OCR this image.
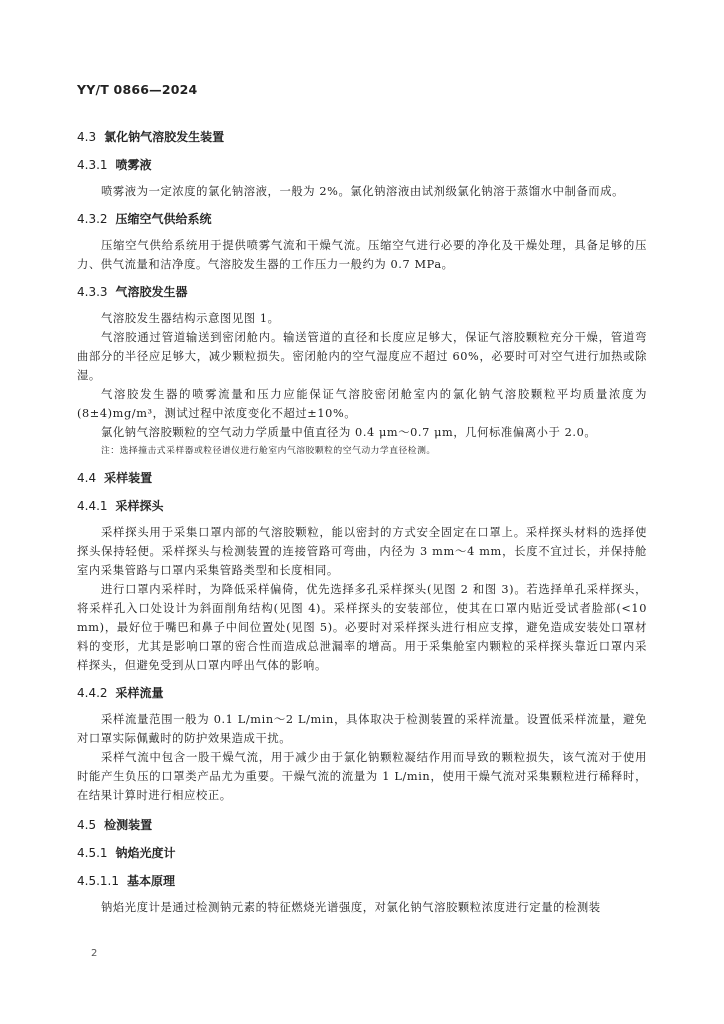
YY/T 0866—2024
4.3 氯化钠气溶胶发生装置
4.3.1 喷雾液

喷雾液为一定浓度的氯化钠溶液，一般为 2%。氯化钠溶液由试剂级氯化钠溶于蒸馏水中制备而成。

4.3.2 压缩空气供给系统

压缩空气供给系统用于提供喷雾气流和干燥气流。压缩空气进行必要的净化及干燥处理，具备足够的压力、供气流量和洁净度。气溶胶发生器的工作压力一般约为 0.7 MPa。

4.3.3 气溶胶发生器

气溶胶发生器结构示意图见图 1。

气溶胶通过管道输送到密闭舱内。输送管道的直径和长度应足够大，保证气溶胶颗粒充分干燥，管道弯曲部分的半径应足够大，减少颗粒损失。密闭舱内的空气湿度应不超过 60%，必要时可对空气进行加热或除湿。

气溶胶发生器的喷雾流量和压力应能保证气溶胶密闭舱室内的氯化钠气溶胶颗粒平均质量浓度为(8±4)mg/m³，测试过程中浓度变化不超过±10%。

氯化钠气溶胶颗粒的空气动力学质量中值直径为 0.4 μm～0.7 μm，几何标准偏离小于 2.0。

注：选择撞击式采样器或粒径谱仪进行舱室内气溶胶颗粒的空气动力学直径检测。

4.4 采样装置
4.4.1 采样探头

采样探头用于采集口罩内部的气溶胶颗粒，能以密封的方式安全固定在口罩上。采样探头材料的选择使探头保持轻便。采样探头与检测装置的连接管路可弯曲，内径为 3 mm～4 mm，长度不宜过长，并保持舱室内采集管路与口罩内采集管路类型和长度相同。

进行口罩内采样时，为降低采样偏倚，优先选择多孔采样探头(见图 2 和图 3)。若选择单孔采样探头，将采样孔入口处设计为斜面削角结构(见图 4)。采样探头的安装部位，使其在口罩内贴近受试者脸部(<10 mm)，最好位于嘴巴和鼻子中间位置处(见图 5)。必要时对采样探头进行相应支撑，避免造成安装处口罩材料的变形，尤其是影响口罩的密合性而造成总泄漏率的增高。用于采集舱室内颗粒的采样探头靠近口罩内采样探头，但避免受到从口罩内呼出气体的影响。

4.4.2 采样流量

采样流量范围一般为 0.1 L/min～2 L/min，具体取决于检测装置的采样流量。设置低采样流量，避免对口罩实际佩戴时的防护效果造成干扰。

采样气流中包含一股干燥气流，用于减少由于氯化钠颗粒凝结作用而导致的颗粒损失，该气流对于使用时能产生负压的口罩类产品尤为重要。干燥气流的流量为 1 L/min，使用干燥气流对采集颗粒进行稀释时，在结果计算时进行相应校正。

4.5 检测装置
4.5.1 钠焰光度计
4.5.1.1 基本原理

钠焰光度计是通过检测钠元素的特征燃烧光谱强度，对氯化钠气溶胶颗粒浓度进行定量的检测装

2
